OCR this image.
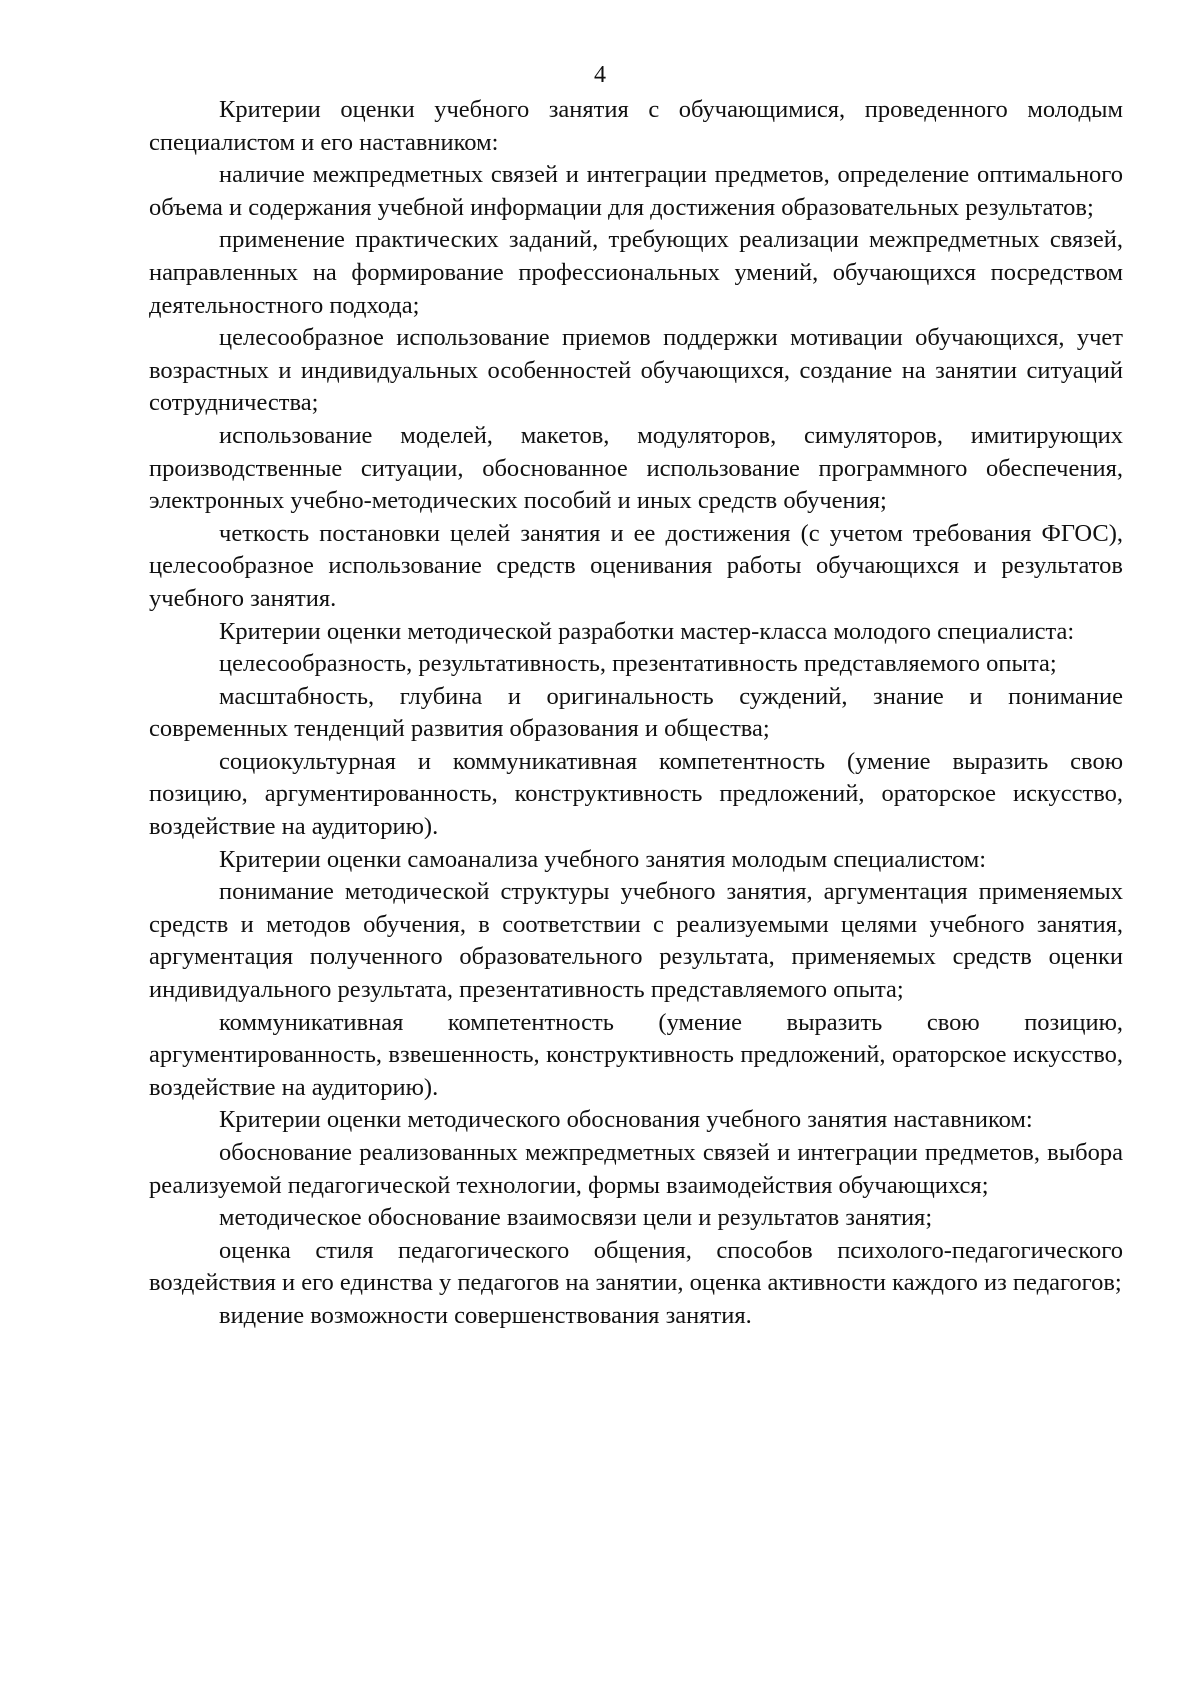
4

Критерии оценки учебного занятия с обучающимися, проведенного молодым специалистом и его наставником:

наличие межпредметных связей и интеграции предметов, определение оптимального объема и содержания учебной информации для достижения образовательных результатов;

применение практических заданий, требующих реализации межпредметных связей, направленных на формирование профессиональных умений, обучающихся посредством деятельностного подхода;

целесообразное использование приемов поддержки мотивации обучающихся, учет возрастных и индивидуальных особенностей обучающихся, создание на занятии ситуаций сотрудничества;

использование моделей, макетов, модуляторов, симуляторов, имитирующих производственные ситуации, обоснованное использование программного обеспечения, электронных учебно-методических пособий и иных средств обучения;

четкость постановки целей занятия и ее достижения (с учетом требования ФГОС), целесообразное использование средств оценивания работы обучающихся и результатов учебного занятия.

Критерии оценки методической разработки мастер-класса молодого специалиста:

целесообразность, результативность, презентативность представляемого опыта;

масштабность, глубина и оригинальность суждений, знание и понимание современных тенденций развития образования и общества;

социокультурная и коммуникативная компетентность (умение выразить свою позицию, аргументированность, конструктивность предложений, ораторское искусство, воздействие на аудиторию).

Критерии оценки самоанализа учебного занятия молодым специалистом:

понимание методической структуры учебного занятия, аргументация применяемых средств и методов обучения, в соответствии с реализуемыми целями учебного занятия, аргументация полученного образовательного результата, применяемых средств оценки индивидуального результата, презентативность представляемого опыта;

коммуникативная компетентность (умение выразить свою позицию, аргументированность, взвешенность, конструктивность предложений, ораторское искусство, воздействие на аудиторию).

Критерии оценки методического обоснования учебного занятия наставником:

обоснование реализованных межпредметных связей и интеграции предметов, выбора реализуемой педагогической технологии, формы взаимодействия обучающихся;

методическое обоснование взаимосвязи цели и результатов занятия;

оценка стиля педагогического общения, способов психолого-педагогического воздействия и его единства у педагогов на занятии, оценка активности каждого из педагогов;

видение возможности совершенствования занятия.
